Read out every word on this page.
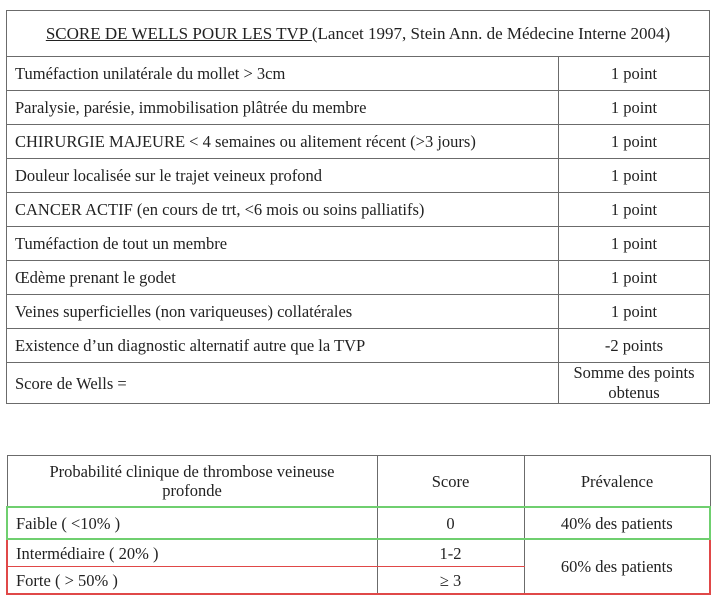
SCORE DE WELLS POUR LES TVP (Lancet 1997, Stein Ann. de Médecine Interne 2004)	
Tuméfaction unilatérale du mollet > 3cm	1 point
Paralysie, parésie, immobilisation plâtrée du membre	1 point
CHIRURGIE MAJEURE < 4 semaines ou alitement récent (>3 jours)	1 point
Douleur localisée sur le trajet veineux profond	1 point
CANCER ACTIF (en cours de trt, <6 mois ou soins palliatifs)	1 point
Tuméfaction de tout un membre	1 point
Œdème prenant le godet	1 point
Veines superficielles (non variqueuses) collatérales	1 point
Existence d’un diagnostic alternatif autre que la TVP	-2 points
Score de Wells =	Somme des points
obtenus
Probabilité clinique de thrombose veineuse
profonde	Score	Prévalence
Faible ( <10% )	0	40% des patients
Intermédiaire ( 20% )	1-2	60% des patients
Forte ( > 50% )	≥ 3	
